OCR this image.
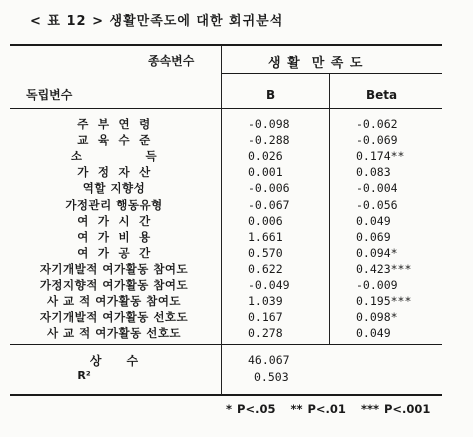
< 표 12 > 생활만족도에 대한 회귀분석
종속변수
독립변수
생 활  만 족 도
B	Beta
주  부  연  령	-0.098	-0.062
교  육  수  준	-0.288	-0.069
소              득	0.026	0.174**
가  정  자  산	0.001	0.083
역할 지향성	-0.006	-0.004
가정관리 행동유형	-0.067	-0.056
여  가  시  간	0.006	0.049
여  가  비  용	1.661	0.069
여  가  공  간	0.570	0.094*
자기개발적 여가활동 참여도	0.622	0.423***
가정지향적 여가활동 참여도	-0.049	-0.009
사 교 적 여가활동 참여도	1.039	0.195***
자기개발적 여가활동 선호도	0.167	0.098*
사 교 적 여가활동 선호도	0.278	0.049
상      수	46.067
R²	0.503
* P<.05   ** P<.01   *** P<.001
